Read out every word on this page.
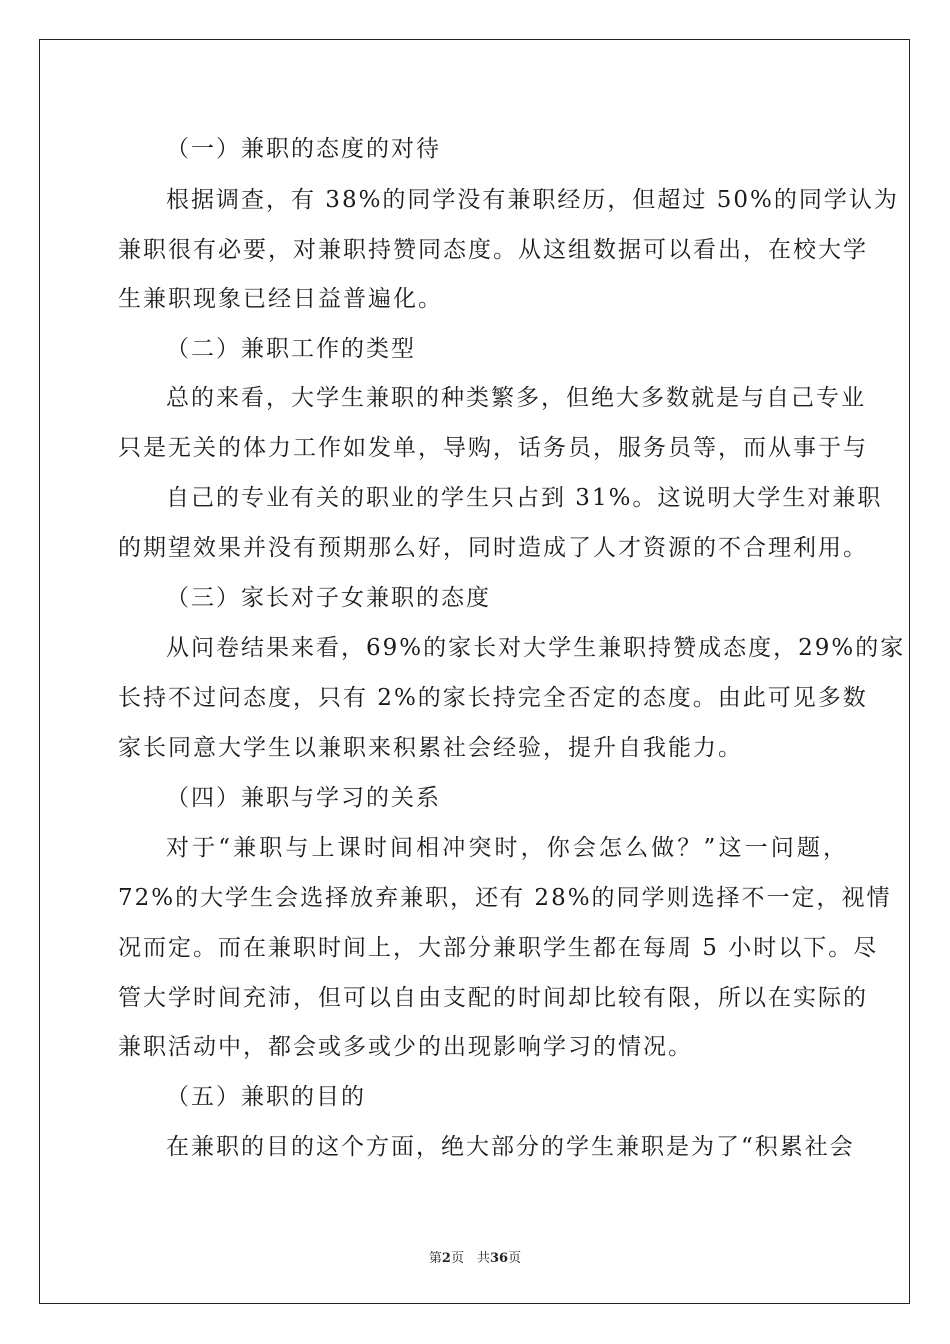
（一）兼职的态度的对待
根据调查，有 38%的同学没有兼职经历，但超过 50%的同学认为
兼职很有必要，对兼职持赞同态度。从这组数据可以看出，在校大学
生兼职现象已经日益普遍化。
（二）兼职工作的类型
总的来看，大学生兼职的种类繁多，但绝大多数就是与自己专业
只是无关的体力工作如发单，导购，话务员，服务员等，而从事于与
自己的专业有关的职业的学生只占到 31%。这说明大学生对兼职
的期望效果并没有预期那么好，同时造成了人才资源的不合理利用。
（三）家长对子女兼职的态度
从问卷结果来看，69%的家长对大学生兼职持赞成态度，29%的家
长持不过问态度，只有 2%的家长持完全否定的态度。由此可见多数
家长同意大学生以兼职来积累社会经验，提升自我能力。
（四）兼职与学习的关系
对于“兼职与上课时间相冲突时，你会怎么做？”这一问题，
72%的大学生会选择放弃兼职，还有 28%的同学则选择不一定，视情
况而定。而在兼职时间上，大部分兼职学生都在每周 5 小时以下。尽
管大学时间充沛，但可以自由支配的时间却比较有限，所以在实际的
兼职活动中，都会或多或少的出现影响学习的情况。
（五）兼职的目的
在兼职的目的这个方面，绝大部分的学生兼职是为了“积累社会
第2页　共36页
